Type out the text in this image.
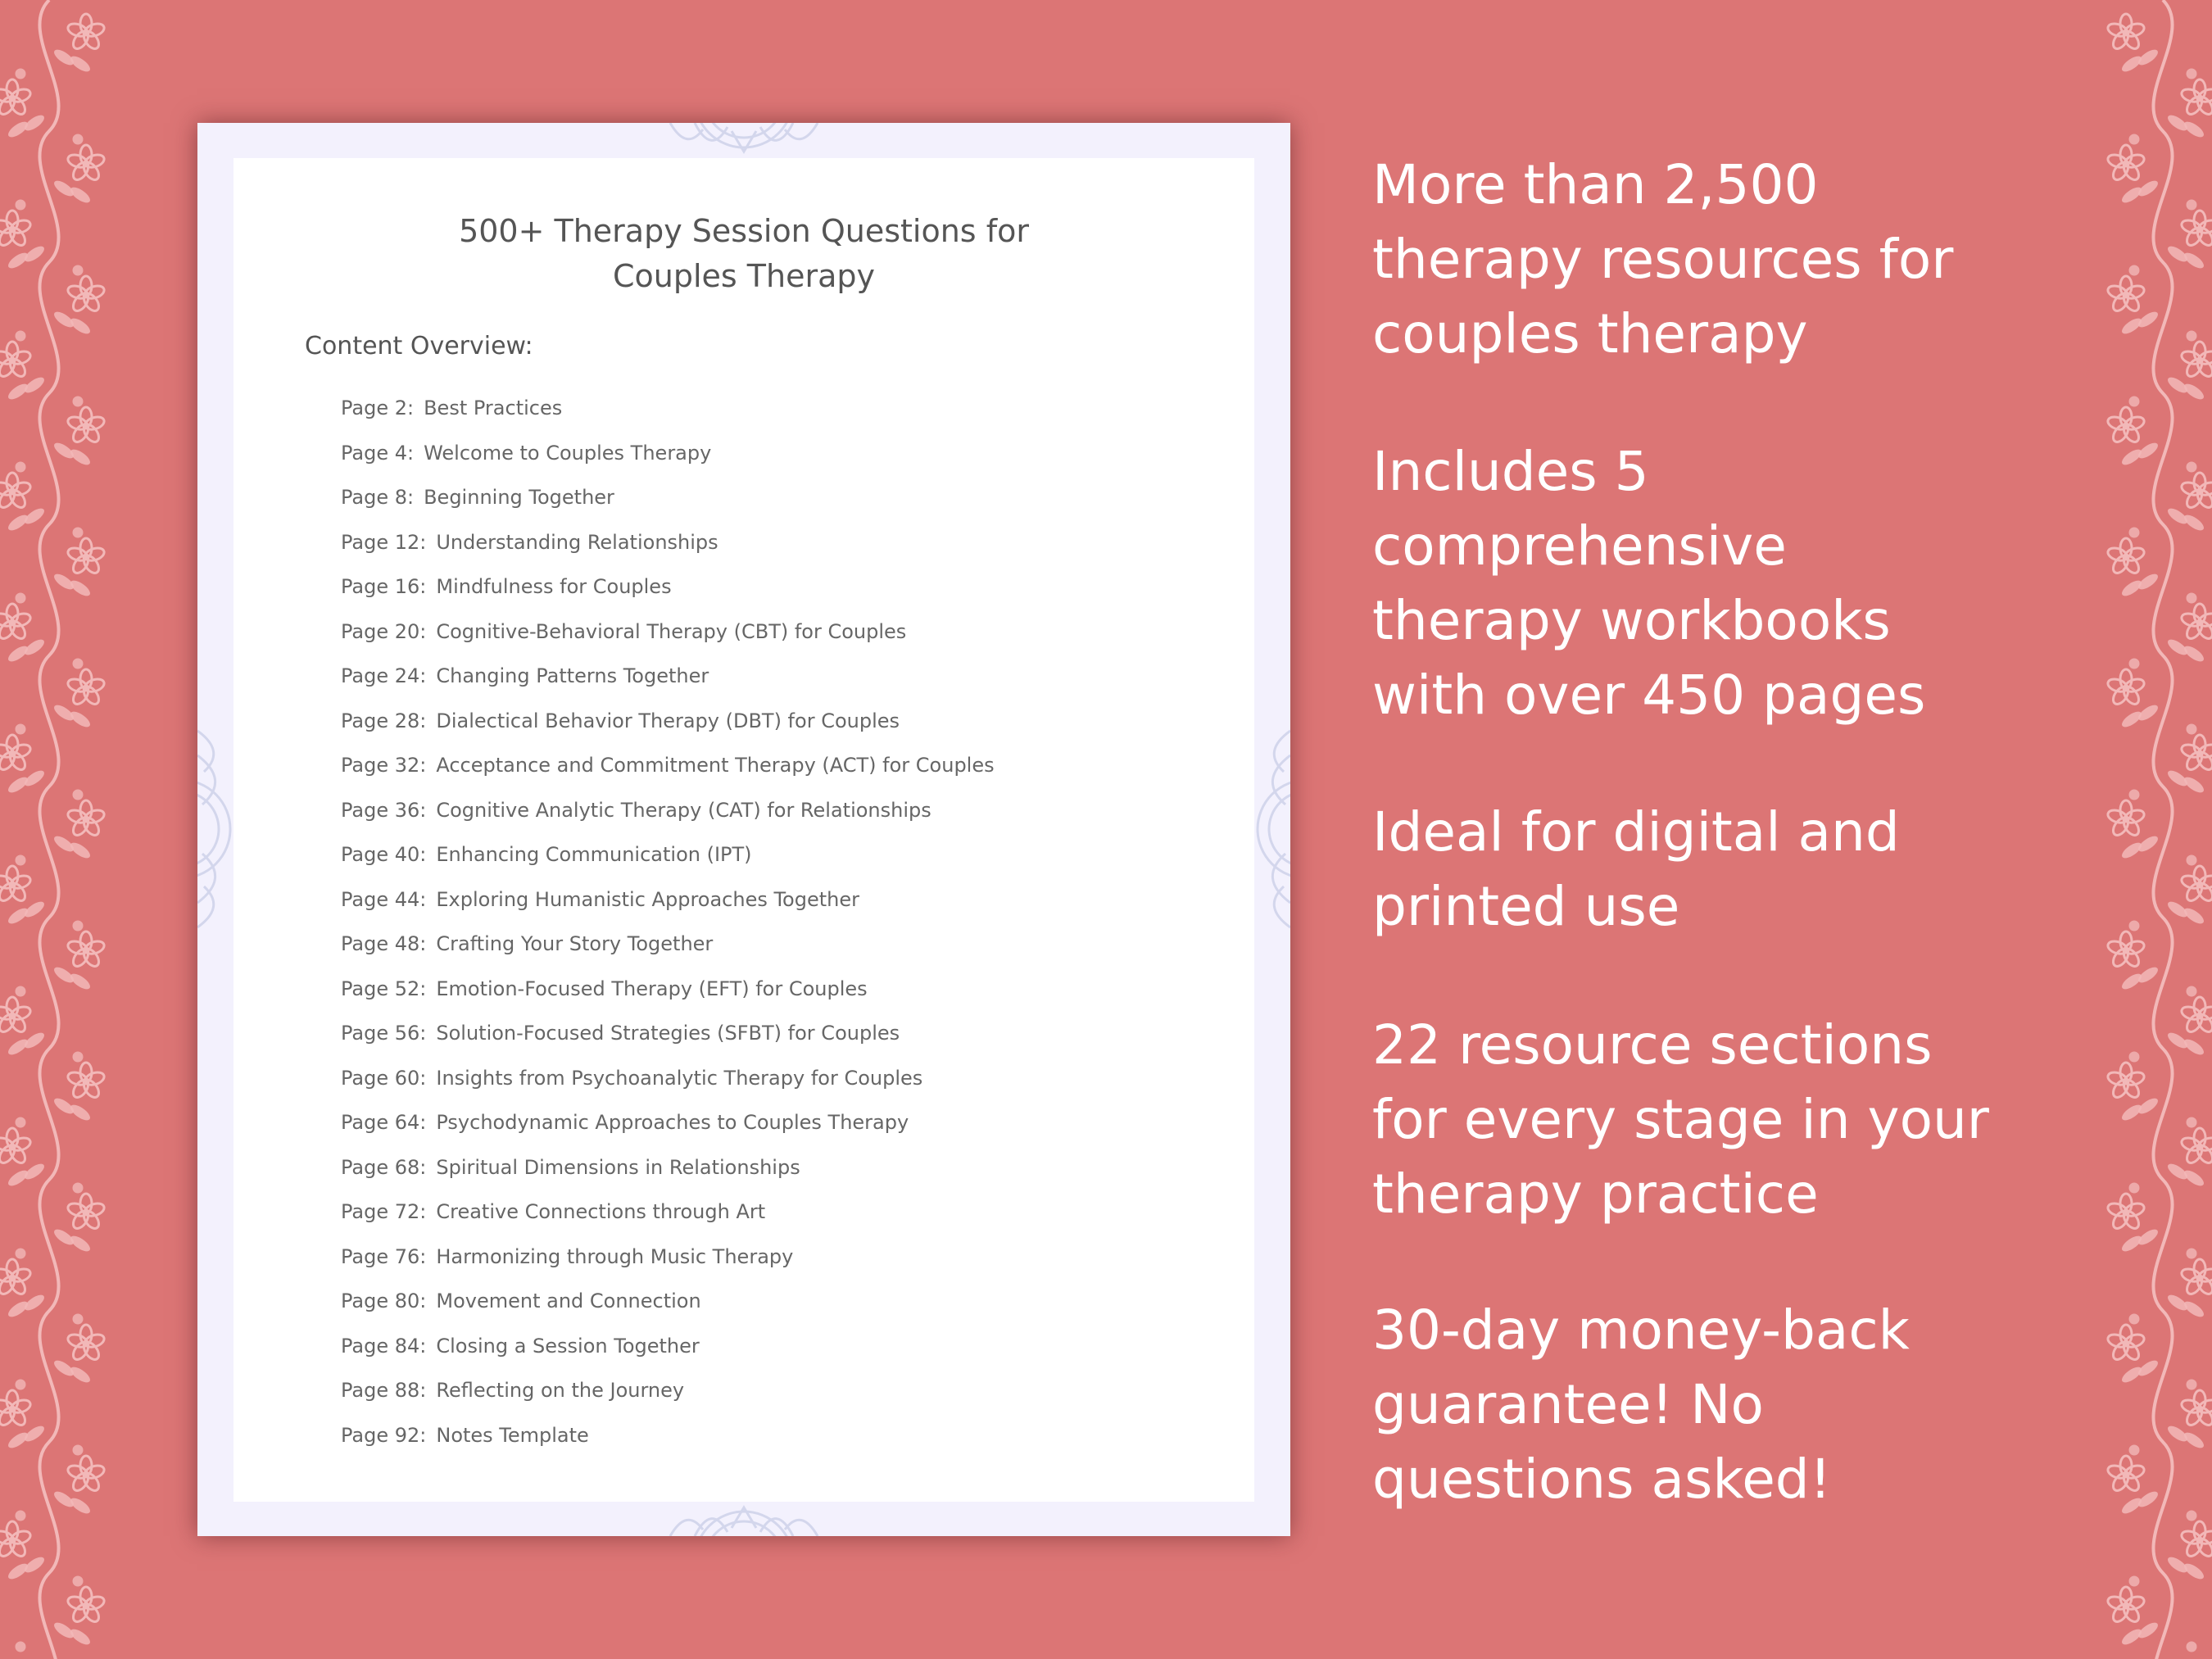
500+ Therapy Session Questions for
Couples Therapy
Content Overview:
Page 2: Best Practices
Page 4: Welcome to Couples Therapy
Page 8: Beginning Together
Page 12: Understanding Relationships
Page 16: Mindfulness for Couples
Page 20: Cognitive-Behavioral Therapy (CBT) for Couples
Page 24: Changing Patterns Together
Page 28: Dialectical Behavior Therapy (DBT) for Couples
Page 32: Acceptance and Commitment Therapy (ACT) for Couples
Page 36: Cognitive Analytic Therapy (CAT) for Relationships
Page 40: Enhancing Communication (IPT)
Page 44: Exploring Humanistic Approaches Together
Page 48: Crafting Your Story Together
Page 52: Emotion-Focused Therapy (EFT) for Couples
Page 56: Solution-Focused Strategies (SFBT) for Couples
Page 60: Insights from Psychoanalytic Therapy for Couples
Page 64: Psychodynamic Approaches to Couples Therapy
Page 68: Spiritual Dimensions in Relationships
Page 72: Creative Connections through Art
Page 76: Harmonizing through Music Therapy
Page 80: Movement and Connection
Page 84: Closing a Session Together
Page 88: Reflecting on the Journey
Page 92: Notes Template
More than 2,500
therapy resources for
couples therapy
Includes 5
comprehensive
therapy workbooks
with over 450 pages
Ideal for digital and
printed use
22 resource sections
for every stage in your
therapy practice
30-day money-back
guarantee! No
questions asked!
